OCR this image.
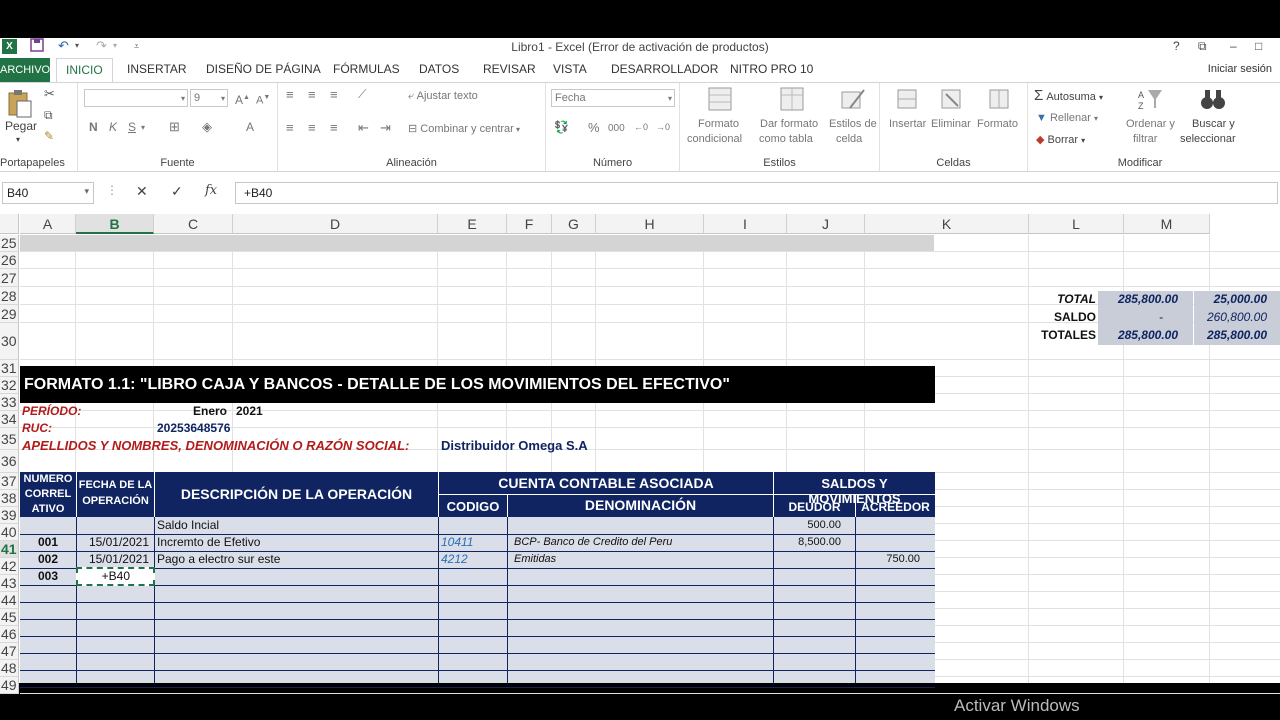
X	↶ ▾ ↷ ▾ ⩡	Libro1 - Excel (Error de activación de productos)	? ⧉ – □
ARCHIVO	INICIO	INSERTAR DISEÑO DE PÁGINA FÓRMULAS DATOS REVISAR VISTA DESARROLLADOR NITRO PRO 10	Iniciar sesión
Pegar
▾
✂
⧉
✎
Portapapeles
▾ 9	▾ A▲ A▼
N K S ▾ ⊞ ◈	A
Fuente
≡ ≡ ≡ ⟋	⤶ Ajustar texto
≡ ≡ ≡ ⇤ ⇥ ⊟ Combinar y centrar ▾
Alineación
Fecha	▾
💱 % 000 ←0 →0
Número
Formato
condicional
Dar formato
como tabla
Estilos de
celda
Estilos
Insertar Eliminar Formato
Celdas
Σ Autosuma ▾
▼ Rellenar ▾
◆ Borrar ▾
A
Z
Ordenar y
filtrar
Buscar y
seleccionar
Modificar
B40	▾ ⋮ ✕ ✓ fx	+B40
A	B	C	D	E	F	G	H	I	J	K	L	M
25
26
27
28
29
30
31
32
33
34
35
36
37
38
39
40
41
42
43
44
45
46
47
48
49
TOTAL	285,800.00	25,000.00
SALDO	-	260,800.00
TOTALES	285,800.00	285,800.00
FORMATO 1.1: "LIBRO CAJA Y BANCOS - DETALLE DE LOS MOVIMIENTOS DEL EFECTIVO"
PERÍODO:	Enero 2021
RUC:	20253648576
APELLIDOS Y NOMBRES, DENOMINACIÓN O RAZÓN SOCIAL: Distribuidor Omega S.A
NUMERO
CORREL
ATIVO
FECHA DE LA
OPERACIÓN	DESCRIPCIÓN DE LA OPERACIÓN
CUENTA CONTABLE ASOCIADA
CODIGO	DENOMINACIÓN
SALDOS Y MOVIMIENTOS
DEUDOR	ACREEDOR
Saldo Incial	500.00
001	15/01/2021 Incremto de Efetivo	10411	BCP- Banco de Credito del Peru	8,500.00
002	15/01/2021 Pago a electro sur este	4212	Emitidas	750.00
003	+B40
Activar Windows
